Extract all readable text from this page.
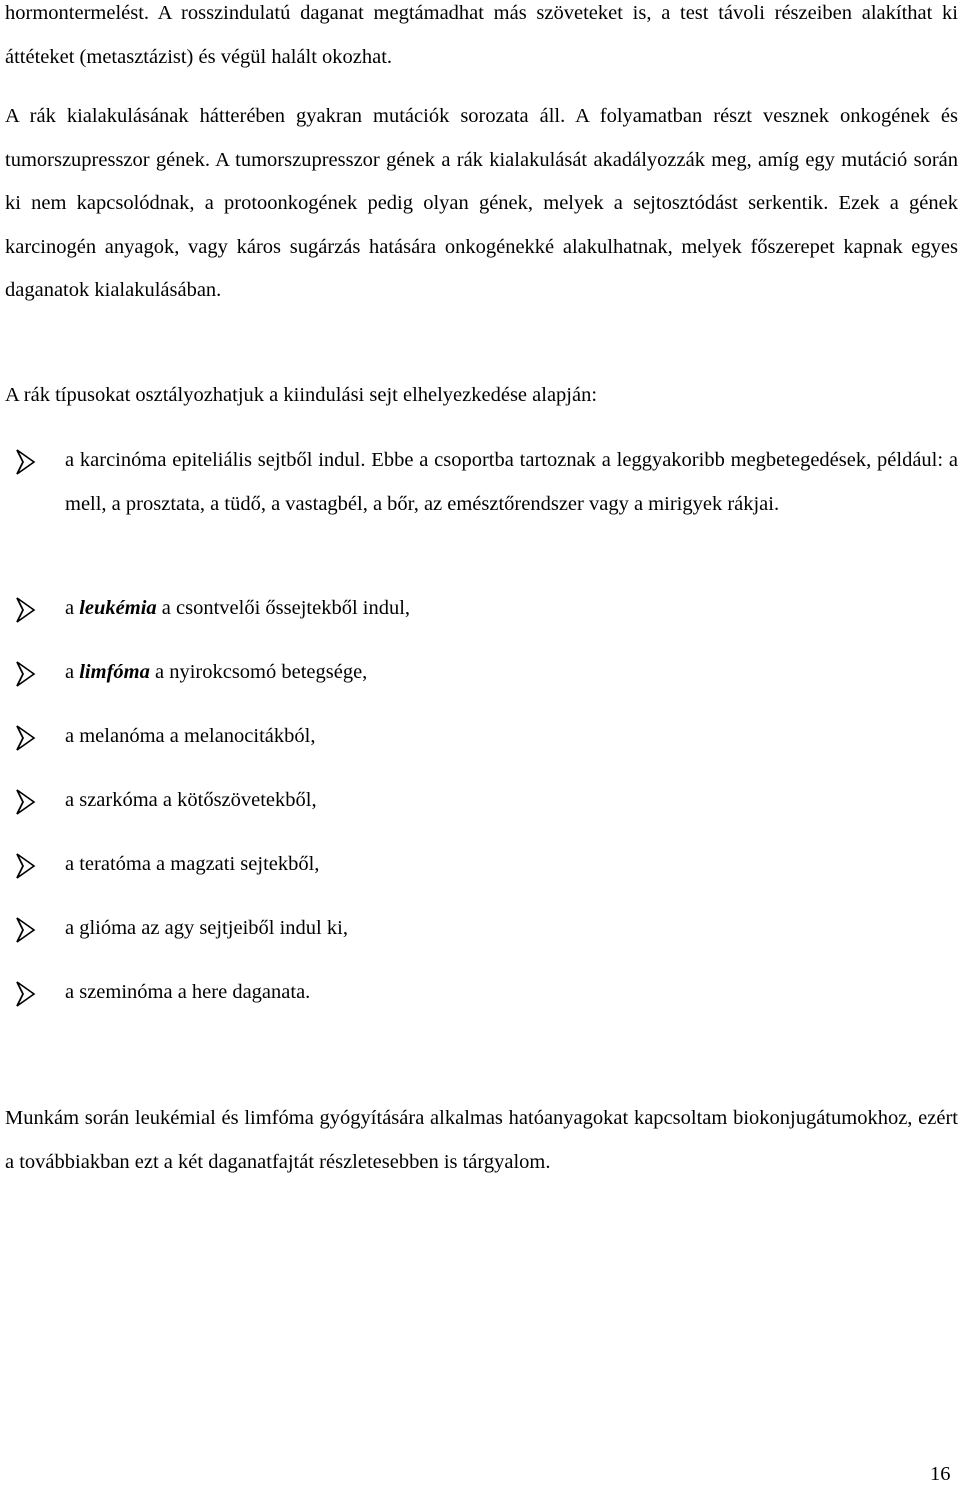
hormontermelést. A rosszindulatú daganat megtámadhat más szöveteket is, a test távoli részeiben alakíthat ki áttéteket (metasztázist) és végül halált okozhat.

A rák kialakulásának hátterében gyakran mutációk sorozata áll. A folyamatban részt vesznek onkogének és tumorszupresszor gének. A tumorszupresszor gének a rák kialakulását akadályozzák meg, amíg egy mutáció során ki nem kapcsolódnak, a protoonkogének pedig olyan gének, melyek a sejtosztódást serkentik. Ezek a gének karcinogén anyagok, vagy káros sugárzás hatására onkogénekké alakulhatnak, melyek főszerepet kapnak egyes daganatok kialakulásában.

A rák típusokat osztályozhatjuk a kiindulási sejt elhelyezkedése alapján:

a karcinóma epiteliális sejtből indul. Ebbe a csoportba tartoznak a leggyakoribb megbetegedések, például: a mell, a prosztata, a tüdő, a vastagbél, a bőr, az emésztőrendszer vagy a mirigyek rákjai.

a leukémia a csontvelői őssejtekből indul,

a limfóma a nyirokcsomó betegsége,

a melanóma a melanocitákból,

a szarkóma a kötőszövetekből,

a teratóma a magzati sejtekből,

a glióma az agy sejtjeiből indul ki,

a szeminóma a here daganata.

Munkám során leukémial és limfóma gyógyítására alkalmas hatóanyagokat kapcsoltam biokonjugátumokhoz, ezért a továbbiakban ezt a két daganatfajtát részletesebben is tárgyalom.

16
